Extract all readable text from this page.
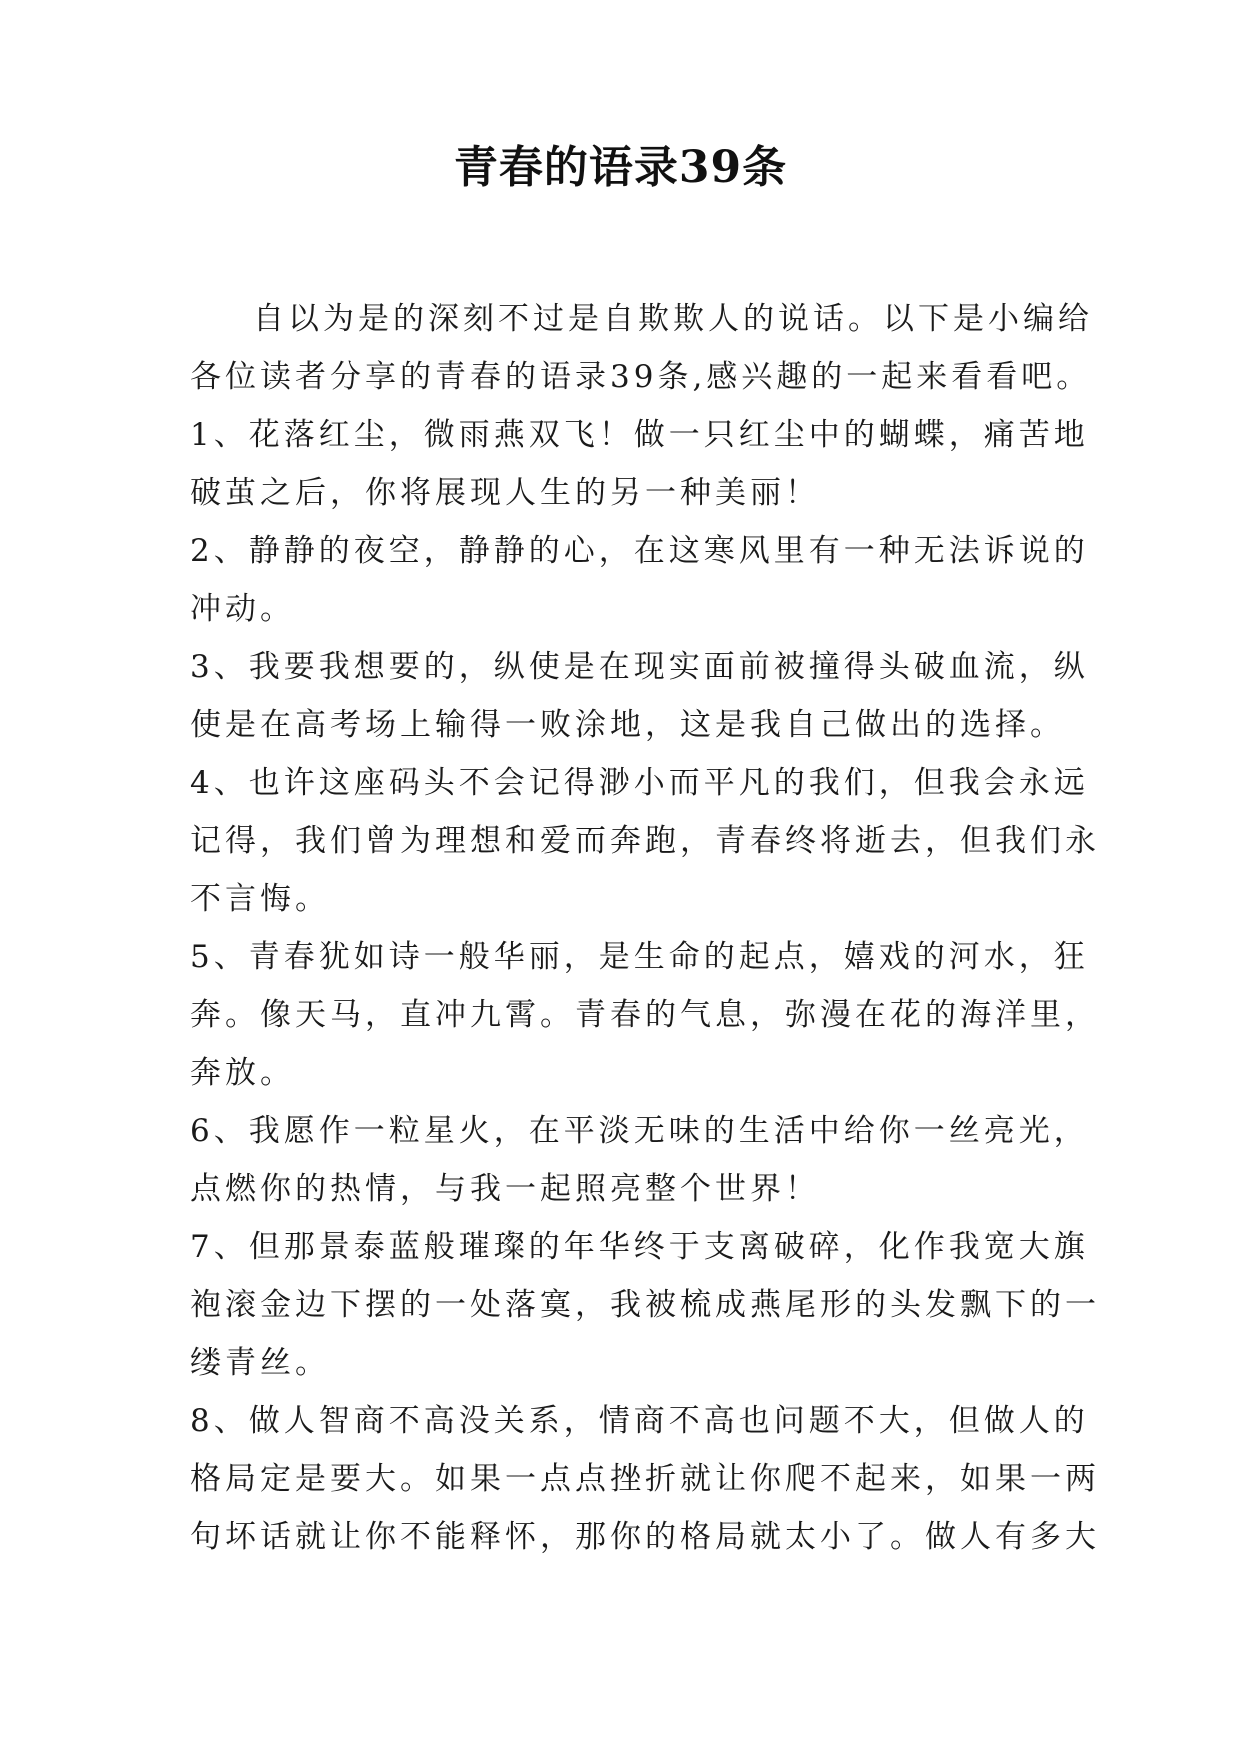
青春的语录39条

自以为是的深刻不过是自欺欺人的说话。以下是小编给
各位读者分享的青春的语录39条,感兴趣的一起来看看吧。

1、花落红尘，微雨燕双飞！做一只红尘中的蝴蝶，痛苦地
破茧之后，你将展现人生的另一种美丽！

2、静静的夜空，静静的心，在这寒风里有一种无法诉说的
冲动。

3、我要我想要的，纵使是在现实面前被撞得头破血流，纵
使是在高考场上输得一败涂地，这是我自己做出的选择。

4、也许这座码头不会记得渺小而平凡的我们，但我会永远
记得，我们曾为理想和爱而奔跑，青春终将逝去，但我们永
不言悔。

5、青春犹如诗一般华丽，是生命的起点，嬉戏的河水，狂
奔。像天马，直冲九霄。青春的气息，弥漫在花的海洋里，
奔放。

6、我愿作一粒星火，在平淡无味的生活中给你一丝亮光，
点燃你的热情，与我一起照亮整个世界！

7、但那景泰蓝般璀璨的年华终于支离破碎，化作我宽大旗
袍滚金边下摆的一处落寞，我被梳成燕尾形的头发飘下的一
缕青丝。

8、做人智商不高没关系，情商不高也问题不大，但做人的
格局定是要大。如果一点点挫折就让你爬不起来，如果一两
句坏话就让你不能释怀，那你的格局就太小了。做人有多大
